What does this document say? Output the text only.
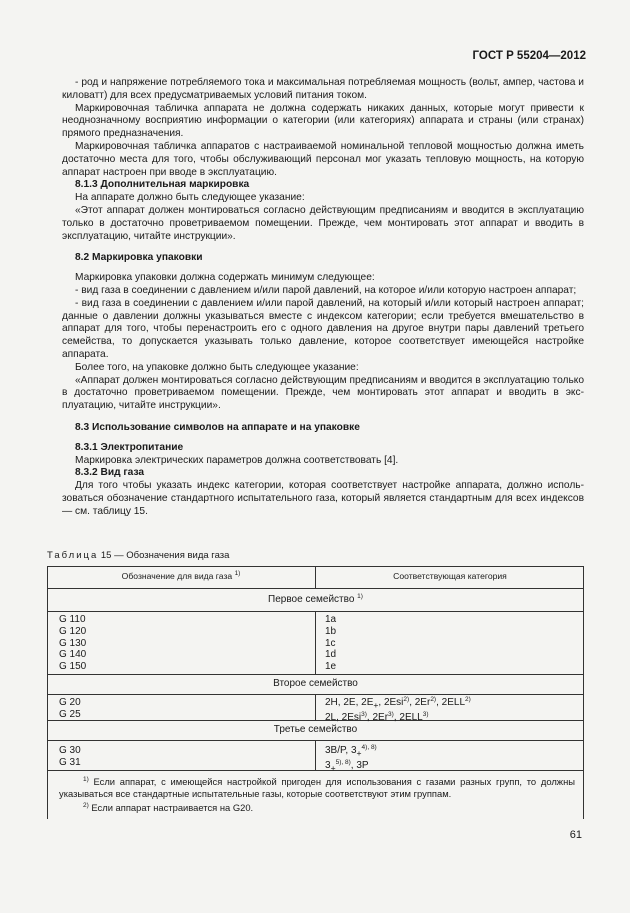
ГОСТ Р 55204—2012

- род и напряжение потребляемого тока и максимальная потребляемая мощность (вольт, ампер, частова и киловатт) для всех предусматриваемых условий питания током.

Маркировочная табличка аппарата не должна содержать никаких данных, которые могут привести к неоднозначному восприятию информации о категории (или категориях) аппарата и страны (или странах) прямого предназначения.

Маркировочная табличка аппаратов с настраиваемой номинальной тепловой мощностью должна иметь достаточно места для того, чтобы обслуживающий персонал мог указать тепловую мощность, на которую аппарат настроен при вводе в эксплуатацию.

8.1.3 Дополнительная маркировка

На аппарате должно быть следующее указание:

«Этот аппарат должен монтироваться согласно действующим предписаниям и вводится в эксплуатацию только в достаточно проветриваемом помещении. Прежде, чем монтировать этот аппарат и вводить в эксплуатацию, читайте инструкции».

8.2 Маркировка упаковки

Маркировка упаковки должна содержать минимум следующее:

- вид газа в соединении с давлением и/или парой давлений, на которое и/или которую настроен аппарат;

- вид газа в соединении с давлением и/или парой давлений, на который и/или который настроен аппарат; данные о давлении должны указываться вместе с индексом категории; если требуется вмешательство в аппарат для того, чтобы перенастроить его с одного давления на другое внутри пары давлений третьего семейства, то допускается указывать только давление, которое соответствует имеющейся настройке аппарата.

Более того, на упаковке должно быть следующее указание:

«Аппарат должен монтироваться согласно действующим предписаниям и вводится в эксплуатацию только в достаточно проветриваемом помещении. Прежде, чем монтировать этот аппарат и вводить в эксплуатацию, читайте инструкции».

8.3 Использование символов на аппарате и на упаковке

8.3.1 Электропитание

Маркировка электрических параметров должна соответствовать [4].

8.3.2 Вид газа

Для того чтобы указать индекс категории, которая соответствует настройке аппарата, должно использоваться обозначение стандартного испытательного газа, который является стандартным для всех индексов — см. таблицу 15.

Таблица 15 — Обозначения вида газа
Обозначение для вида газа $^{1)}$	Соответствующая категория
Первое семейство $^{1)}$
G 110
G 120
G 130
G 140
G 150
1a
1b
1c
1d
1e
Второе семейство
G 20
G 25
2H, 2E, $2E_+$, 2Esi$^{2)}$, 2Er$^{2)}$, 2ELL$^{2)}$
2L, 2Esi$^{3)}$, 2Er$^{3)}$, 2ELL$^{3)}$
Третье семейство
G 30
G 31
3B/P, $3_+^{4), 8)}$
$3_+^{5), 8)}$, 3P
$^{1)}$ Если аппарат, с имеющейся настройкой пригоден для использования с газами разных групп, то должны указываться все стандартные испытательные газы, которые соответствуют этим группам.
$^{2)}$ Если аппарат настраивается на G20.
61
